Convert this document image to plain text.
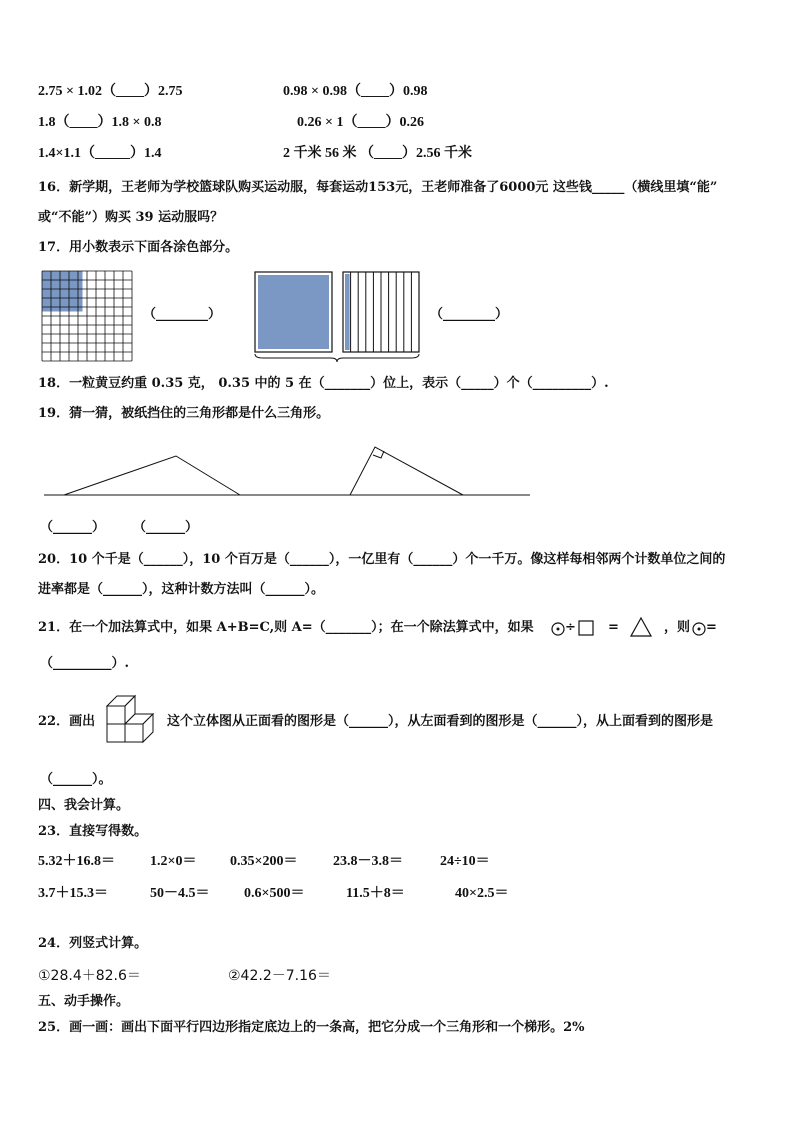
2.75 × 1.02（____）2.75	0.98 × 0.98（____）0.98
1.8（____）1.8 × 0.8	0.26 × 1（____）0.26
1.4×1.1（_____）1.4	2 千米 56 米 （____）2.56 千米
16．新学期，王老师为学校篮球队购买运动服，每套运动153元，王老师准备了6000元 这些钱_____（横线里填“能”
或“不能”）购买 39 运动服吗？
17．用小数表示下面各涂色部分。
（________）	（________）
18．一粒黄豆约重 0.35 克， 0.35 中的 5 在（_______）位上，表示（_____）个（_________）.
19．猜一猜，被纸挡住的三角形都是什么三角形。
（______） （______）
20．10 个千是（______），10 个百万是（______），一亿里有（______）个一千万。像这样每相邻两个计数单位之间的
进率都是（______），这种计数方法叫（______）。
21．在一个加法算式中，如果 A+B=C,则 A=（_______）；在一个除法算式中，如果 ÷ =	，则 =
（_________）.
22．画出	这个立体图从正面看的图形是（______），从左面看到的图形是（______），从上面看到的图形是
（______）。
四、我会计算。
23．直接写得数。
5.32＋16.8＝	1.2×0＝ 0.35×200＝	23.8－3.8＝	24÷10＝
3.7＋15.3＝	50－4.5＝ 0.6×500＝	11.5＋8＝	40×2.5＝
24．列竖式计算。
①28.4＋82.6＝	②42.2－7.16＝
五、动手操作。
25．画一画：画出下面平行四边形指定底边上的一条高，把它分成一个三角形和一个梯形。2%
